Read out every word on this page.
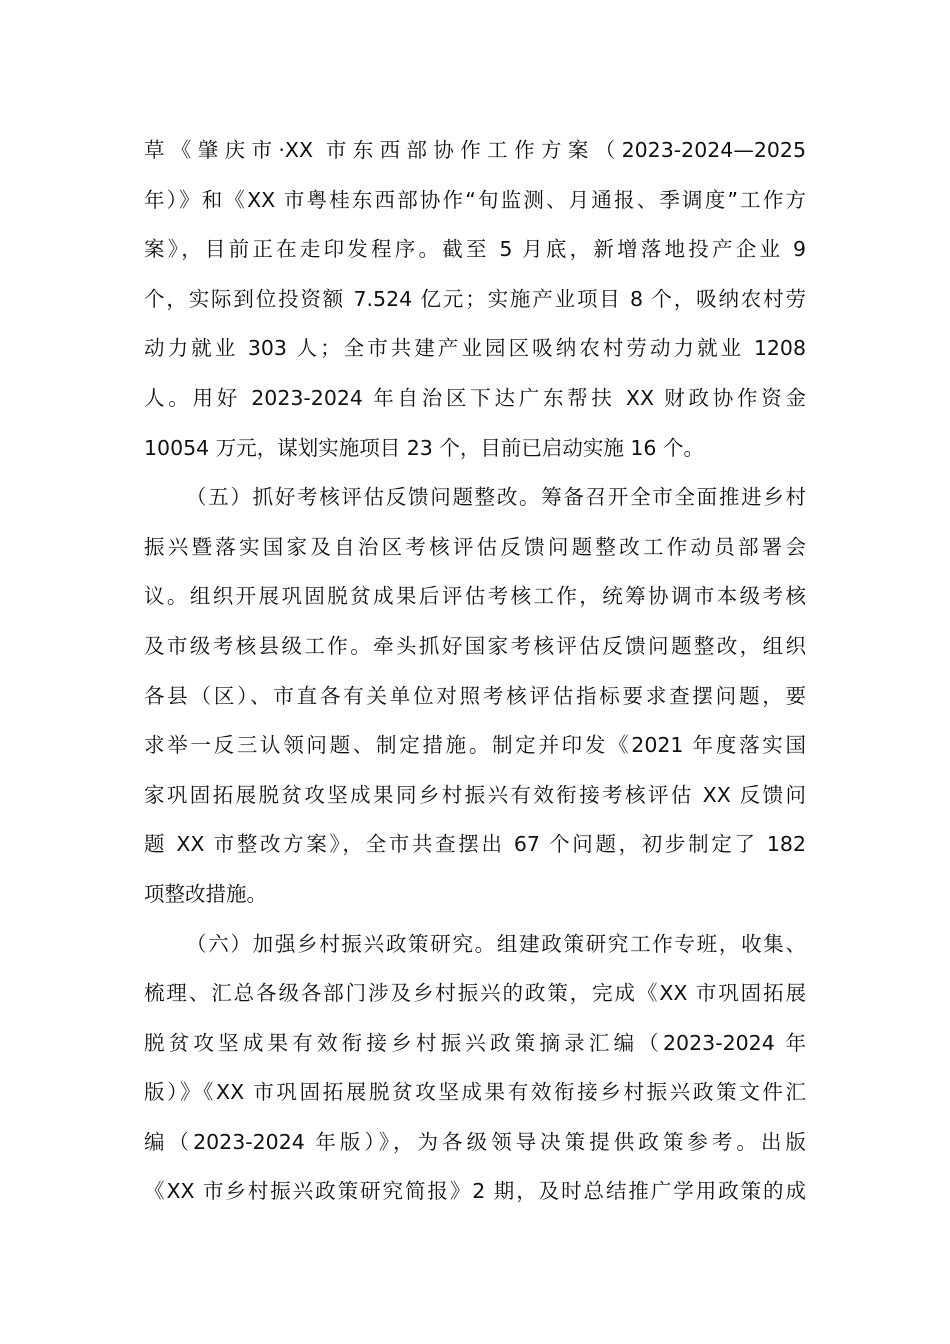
草《肇庆市·XX 市东西部协作工作方案（2023-2024—2025
年）》和《XX 市粤桂东西部协作“旬监测、月通报、季调度”工作方
案》，目前正在走印发程序。截至 5 月底，新增落地投产企业 9
个，实际到位投资额 7.524 亿元；实施产业项目 8 个，吸纳农村劳
动力就业 303 人；全市共建产业园区吸纳农村劳动力就业 1208
人。用好 2023-2024 年自治区下达广东帮扶 XX 财政协作资金
10054 万元，谋划实施项目 23 个，目前已启动实施 16 个。
（五）抓好考核评估反馈问题整改。筹备召开全市全面推进乡村
振兴暨落实国家及自治区考核评估反馈问题整改工作动员部署会
议。组织开展巩固脱贫成果后评估考核工作，统筹协调市本级考核
及市级考核县级工作。牵头抓好国家考核评估反馈问题整改，组织
各县（区）、市直各有关单位对照考核评估指标要求查摆问题，要
求举一反三认领问题、制定措施。制定并印发《2021 年度落实国
家巩固拓展脱贫攻坚成果同乡村振兴有效衔接考核评估 XX 反馈问
题 XX 市整改方案》，全市共查摆出 67 个问题，初步制定了 182
项整改措施。
（六）加强乡村振兴政策研究。组建政策研究工作专班，收集、
梳理、汇总各级各部门涉及乡村振兴的政策，完成《XX 市巩固拓展
脱贫攻坚成果有效衔接乡村振兴政策摘录汇编（2023-2024 年
版）》《XX 市巩固拓展脱贫攻坚成果有效衔接乡村振兴政策文件汇
编（2023-2024 年版）》，为各级领导决策提供政策参考。出版
《XX 市乡村振兴政策研究简报》2 期，及时总结推广学用政策的成
